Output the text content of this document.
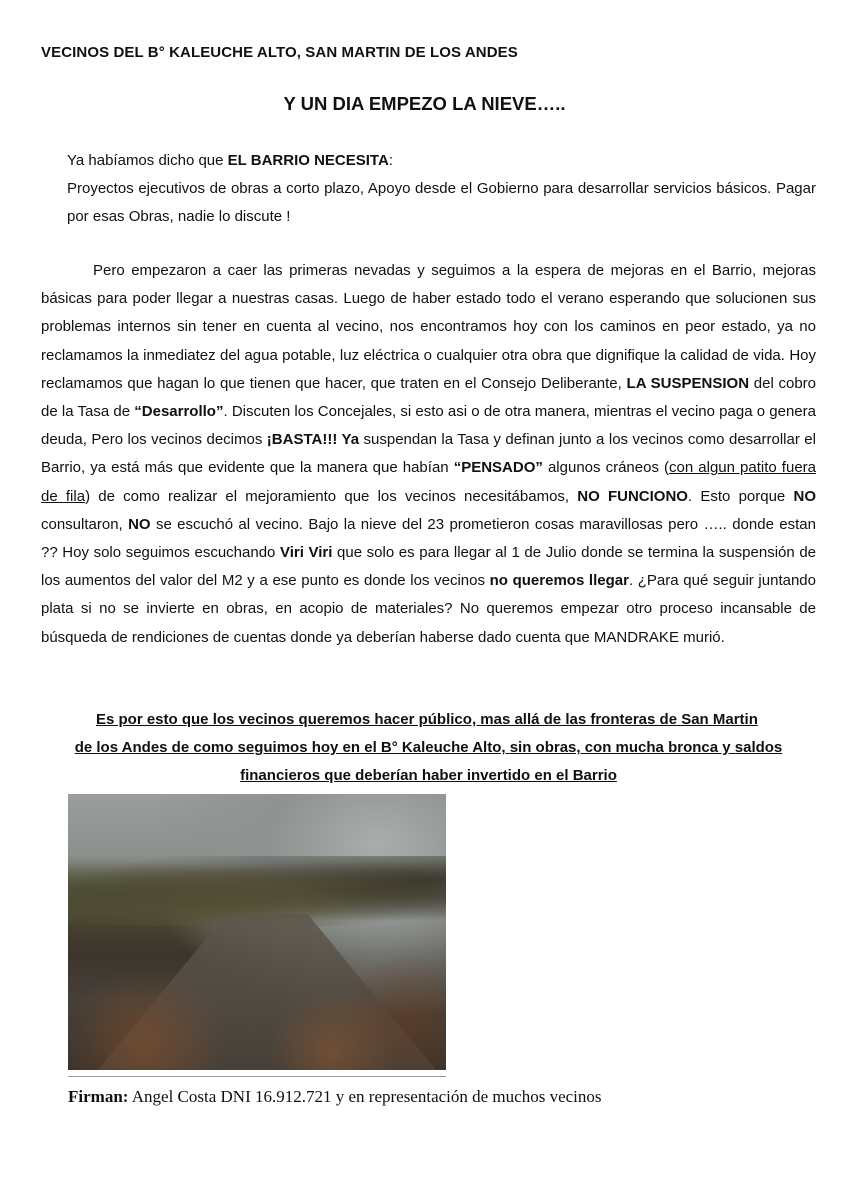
VECINOS DEL B° KALEUCHE ALTO, SAN MARTIN DE LOS ANDES
Y UN DIA EMPEZO LA NIEVE…..

Ya habíamos dicho que EL BARRIO NECESITA:

Proyectos ejecutivos de obras a corto plazo, Apoyo desde el Gobierno para desarrollar servicios básicos. Pagar por esas Obras, nadie lo discute !

Pero empezaron a caer las primeras nevadas y seguimos a la espera de mejoras en el Barrio, mejoras básicas para poder llegar a nuestras casas. Luego de haber estado todo el verano esperando que solucionen sus problemas internos sin tener en cuenta al vecino, nos encontramos hoy con los caminos en peor estado, ya no reclamamos la inmediatez del agua potable, luz eléctrica o cualquier otra obra que dignifique la calidad de vida. Hoy reclamamos que hagan lo que tienen que hacer, que traten en el Consejo Deliberante, LA SUSPENSION del cobro de la Tasa de “Desarrollo”. Discuten los Concejales, si esto asi o de otra manera, mientras el vecino paga o genera deuda, Pero los vecinos decimos ¡BASTA!!! Ya suspendan la Tasa y definan junto a los vecinos como desarrollar el Barrio, ya está más que evidente que la manera que habían “PENSADO” algunos cráneos (con algun patito fuera de fila) de como realizar el mejoramiento que los vecinos necesitábamos, NO FUNCIONO. Esto porque NO consultaron, NO se escuchó al vecino. Bajo la nieve del 23 prometieron cosas maravillosas pero ….. donde estan ?? Hoy solo seguimos escuchando Viri Viri que solo es para llegar al 1 de Julio donde se termina la suspensión de los aumentos del valor del M2 y a ese punto es donde los vecinos no queremos llegar. ¿Para qué seguir juntando plata si no se invierte en obras, en acopio de materiales? No queremos empezar otro proceso incansable de búsqueda de rendiciones de cuentas donde ya deberían haberse dado cuenta que MANDRAKE murió.

Es por esto que los vecinos queremos hacer público, mas allá de las fronteras de San Martin
de los Andes de como seguimos hoy en el B° Kaleuche Alto, sin obras, con mucha bronca y saldos financieros que deberían haber invertido en el Barrio
Firman: Angel Costa DNI 16.912.721 y en representación de muchos vecinos
